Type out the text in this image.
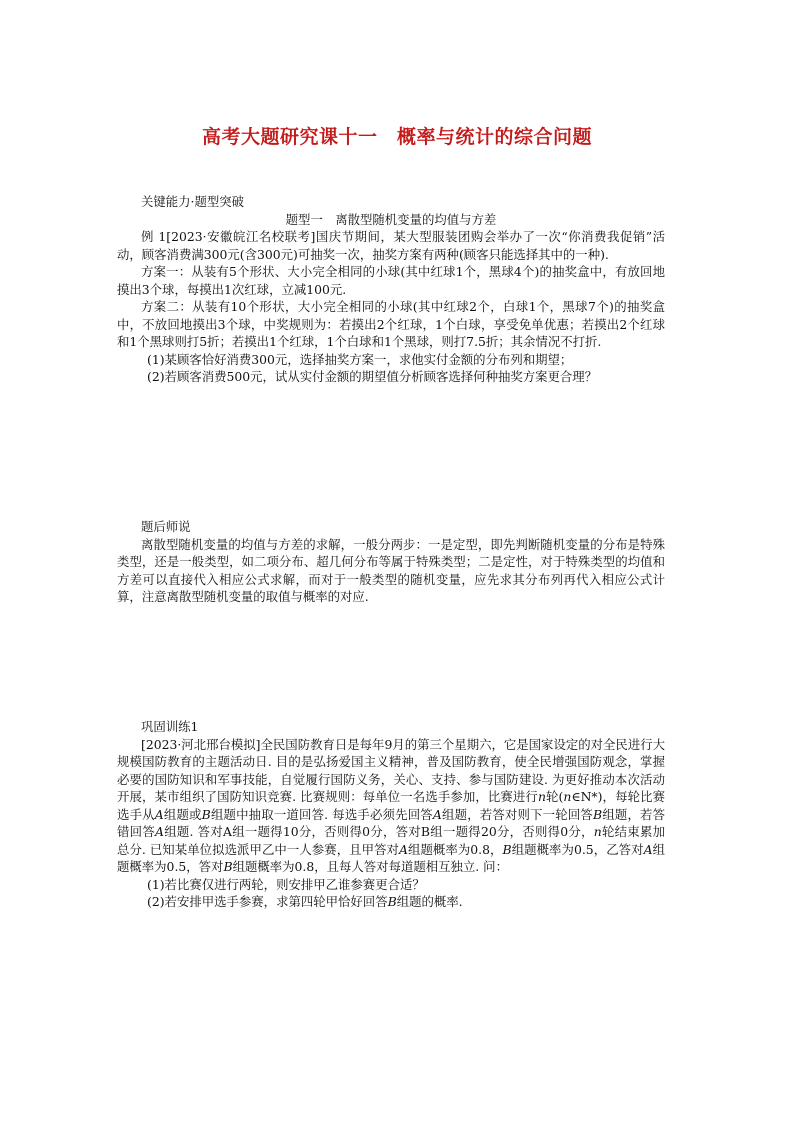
高考大题研究课十一　概率与统计的综合问题

关键能力·题型突破

题型一　离散型随机变量的均值与方差

例 1[2023·安徽皖江名校联考]国庆节期间，某大型服装团购会举办了一次“你消费我促销”活动，顾客消费满300元(含300元)可抽奖一次，抽奖方案有两种(顾客只能选择其中的一种).

方案一：从装有5个形状、大小完全相同的小球(其中红球1个，黑球4个)的抽奖盒中，有放回地摸出3个球，每摸出1次红球，立减100元.

方案二：从装有10个形状，大小完全相同的小球(其中红球2个，白球1个，黑球7个)的抽奖盒中，不放回地摸出3个球，中奖规则为：若摸出2个红球，1个白球，享受免单优惠；若摸出2个红球和1个黑球则打5折；若摸出1个红球，1个白球和1个黑球，则打7.5折；其余情况不打折.

(1)某顾客恰好消费300元，选择抽奖方案一，求他实付金额的分布列和期望；

(2)若顾客消费500元，试从实付金额的期望值分析顾客选择何种抽奖方案更合理？

题后师说

离散型随机变量的均值与方差的求解，一般分两步：一是定型，即先判断随机变量的分布是特殊类型，还是一般类型，如二项分布、超几何分布等属于特殊类型；二是定性，对于特殊类型的均值和方差可以直接代入相应公式求解，而对于一般类型的随机变量，应先求其分布列再代入相应公式计算，注意离散型随机变量的取值与概率的对应.

巩固训练1

[2023·河北邢台模拟]全民国防教育日是每年9月的第三个星期六，它是国家设定的对全民进行大规模国防教育的主题活动日. 目的是弘扬爱国主义精神，普及国防教育，使全民增强国防观念，掌握必要的国防知识和军事技能，自觉履行国防义务，关心、支持、参与国防建设. 为更好推动本次活动开展，某市组织了国防知识竞赛. 比赛规则：每单位一名选手参加，比赛进行n轮(n∈N*)，每轮比赛选手从A组题或B组题中抽取一道回答. 每选手必须先回答A组题，若答对则下一轮回答B组题，若答错回答A组题. 答对A组一题得10分，否则得0分，答对B组一题得20分，否则得0分，n轮结束累加总分. 已知某单位拟选派甲乙中一人参赛，且甲答对A组题概率为0.8，B组题概率为0.5，乙答对A组题概率为0.5，答对B组题概率为0.8，且每人答对每道题相互独立. 问：

(1)若比赛仅进行两轮，则安排甲乙谁参赛更合适？

(2)若安排甲选手参赛，求第四轮甲恰好回答B组题的概率.
